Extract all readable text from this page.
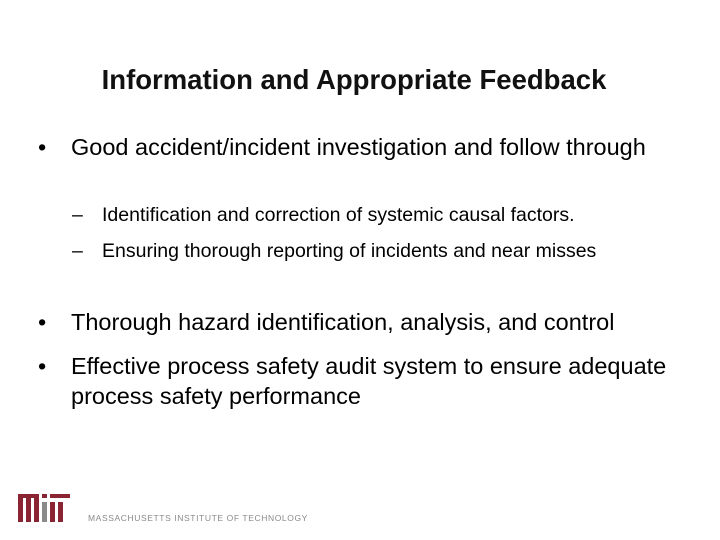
Information and Appropriate Feedback
•	Good accident/incident investigation and follow through
– Identification and correction of systemic causal factors.
– Ensuring thorough reporting of incidents and near misses
•	Thorough hazard identification, analysis, and control
•	Effective process safety audit system to ensure adequate process safety performance
MASSACHUSETTS INSTITUTE OF TECHNOLOGY
